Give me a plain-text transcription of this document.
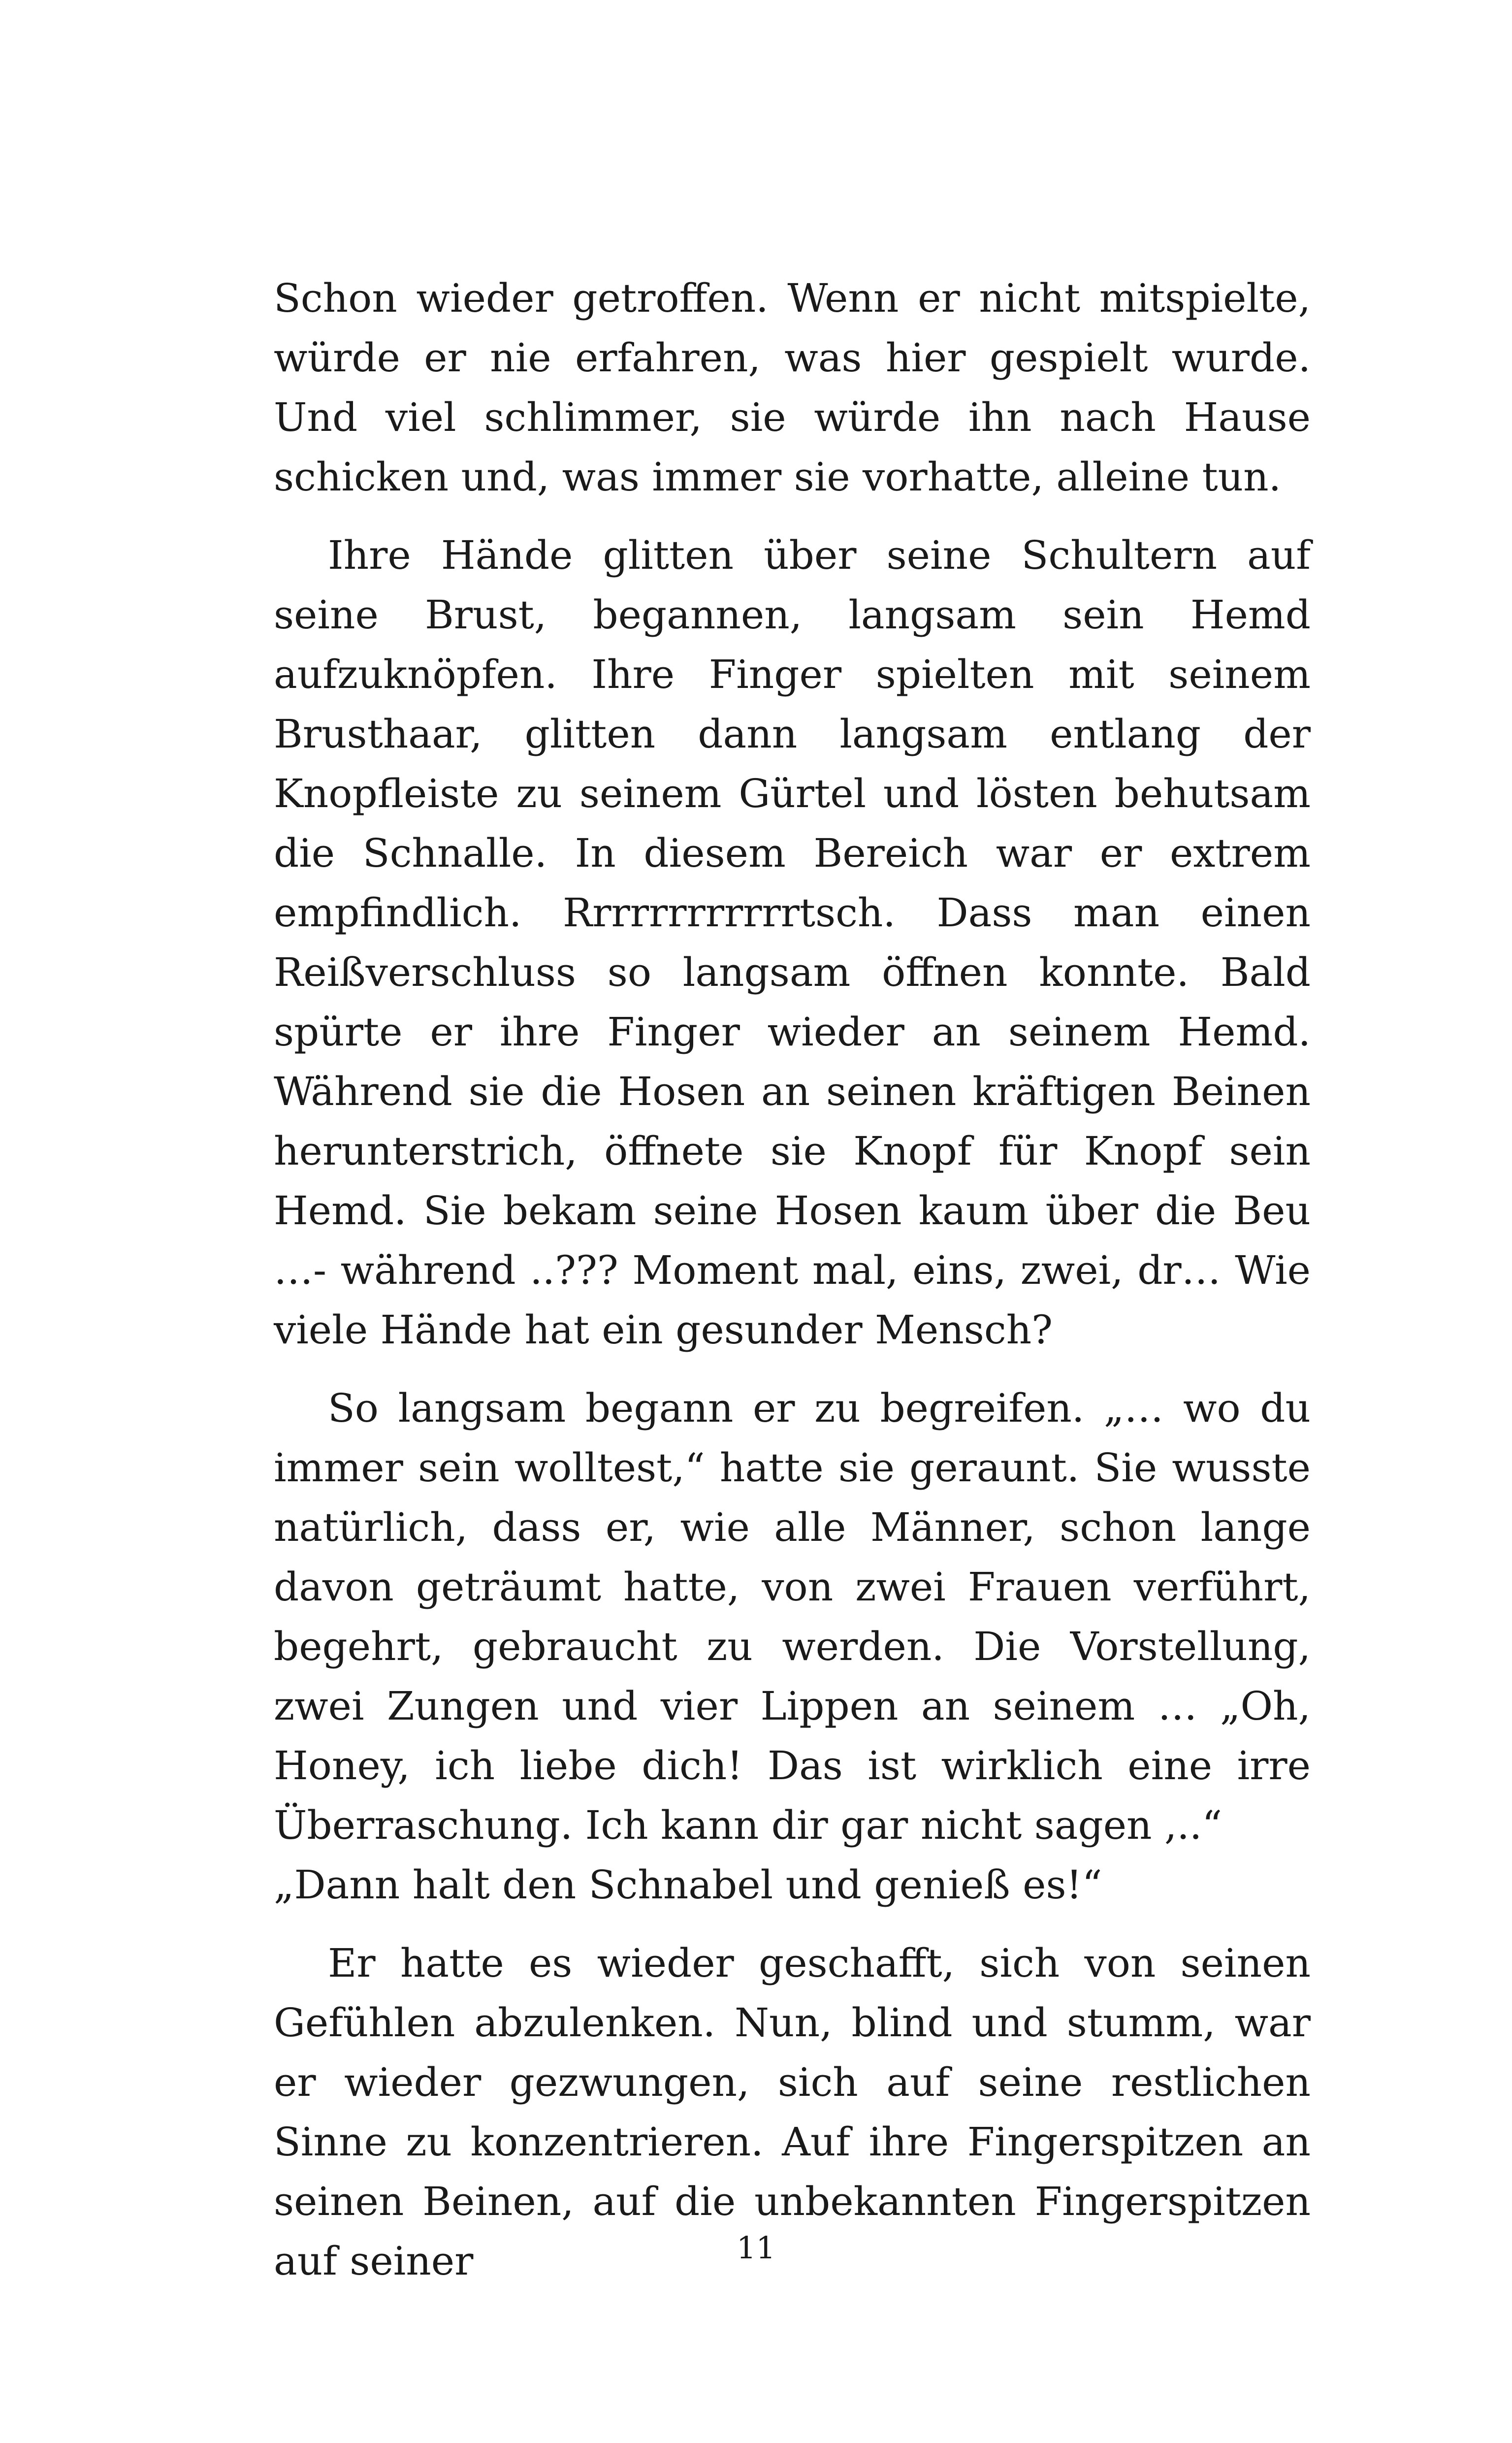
Schon wieder getroffen. Wenn er nicht mitspielte, würde er nie erfahren, was hier gespielt wurde. Und viel schlimmer, sie würde ihn nach Hause schicken und, was immer sie vorhatte, alleine tun.

Ihre Hände glitten über seine Schultern auf seine Brust, begannen, langsam sein Hemd aufzuknöpfen. Ihre Finger spielten mit seinem Brusthaar, glitten dann langsam entlang der Knopfleiste zu seinem Gürtel und lösten behutsam die Schnalle. In diesem Bereich war er extrem empfindlich. Rrrrrrrrrrrrtsch. Dass man einen Reißverschluss so langsam öffnen konnte. Bald spürte er ihre Finger wieder an seinem Hemd. Während sie die Hosen an seinen kräftigen Beinen herunterstrich, öffnete sie Knopf für Knopf sein Hemd. Sie bekam seine Hosen kaum über die Beu …- während ..??? Moment mal, eins, zwei, dr… Wie viele Hände hat ein gesunder Mensch?

So langsam begann er zu begreifen. „… wo du immer sein wolltest,“ hatte sie geraunt. Sie wusste natürlich, dass er, wie alle Männer, schon lange davon geträumt hatte, von zwei Frauen verführt, begehrt, gebraucht zu werden. Die Vorstellung, zwei Zungen und vier Lippen an seinem … „Oh, Honey, ich liebe dich! Das ist wirklich eine irre Überraschung. Ich kann dir gar nicht sagen ,..“

„Dann halt den Schnabel und genieß es!“

Er hatte es wieder geschafft, sich von seinen Gefühlen abzulenken. Nun, blind und stumm, war er wieder gezwungen, sich auf seine restlichen Sinne zu konzentrieren. Auf ihre Fingerspitzen an seinen Beinen, auf die unbekannten Fingerspitzen auf seiner	11
